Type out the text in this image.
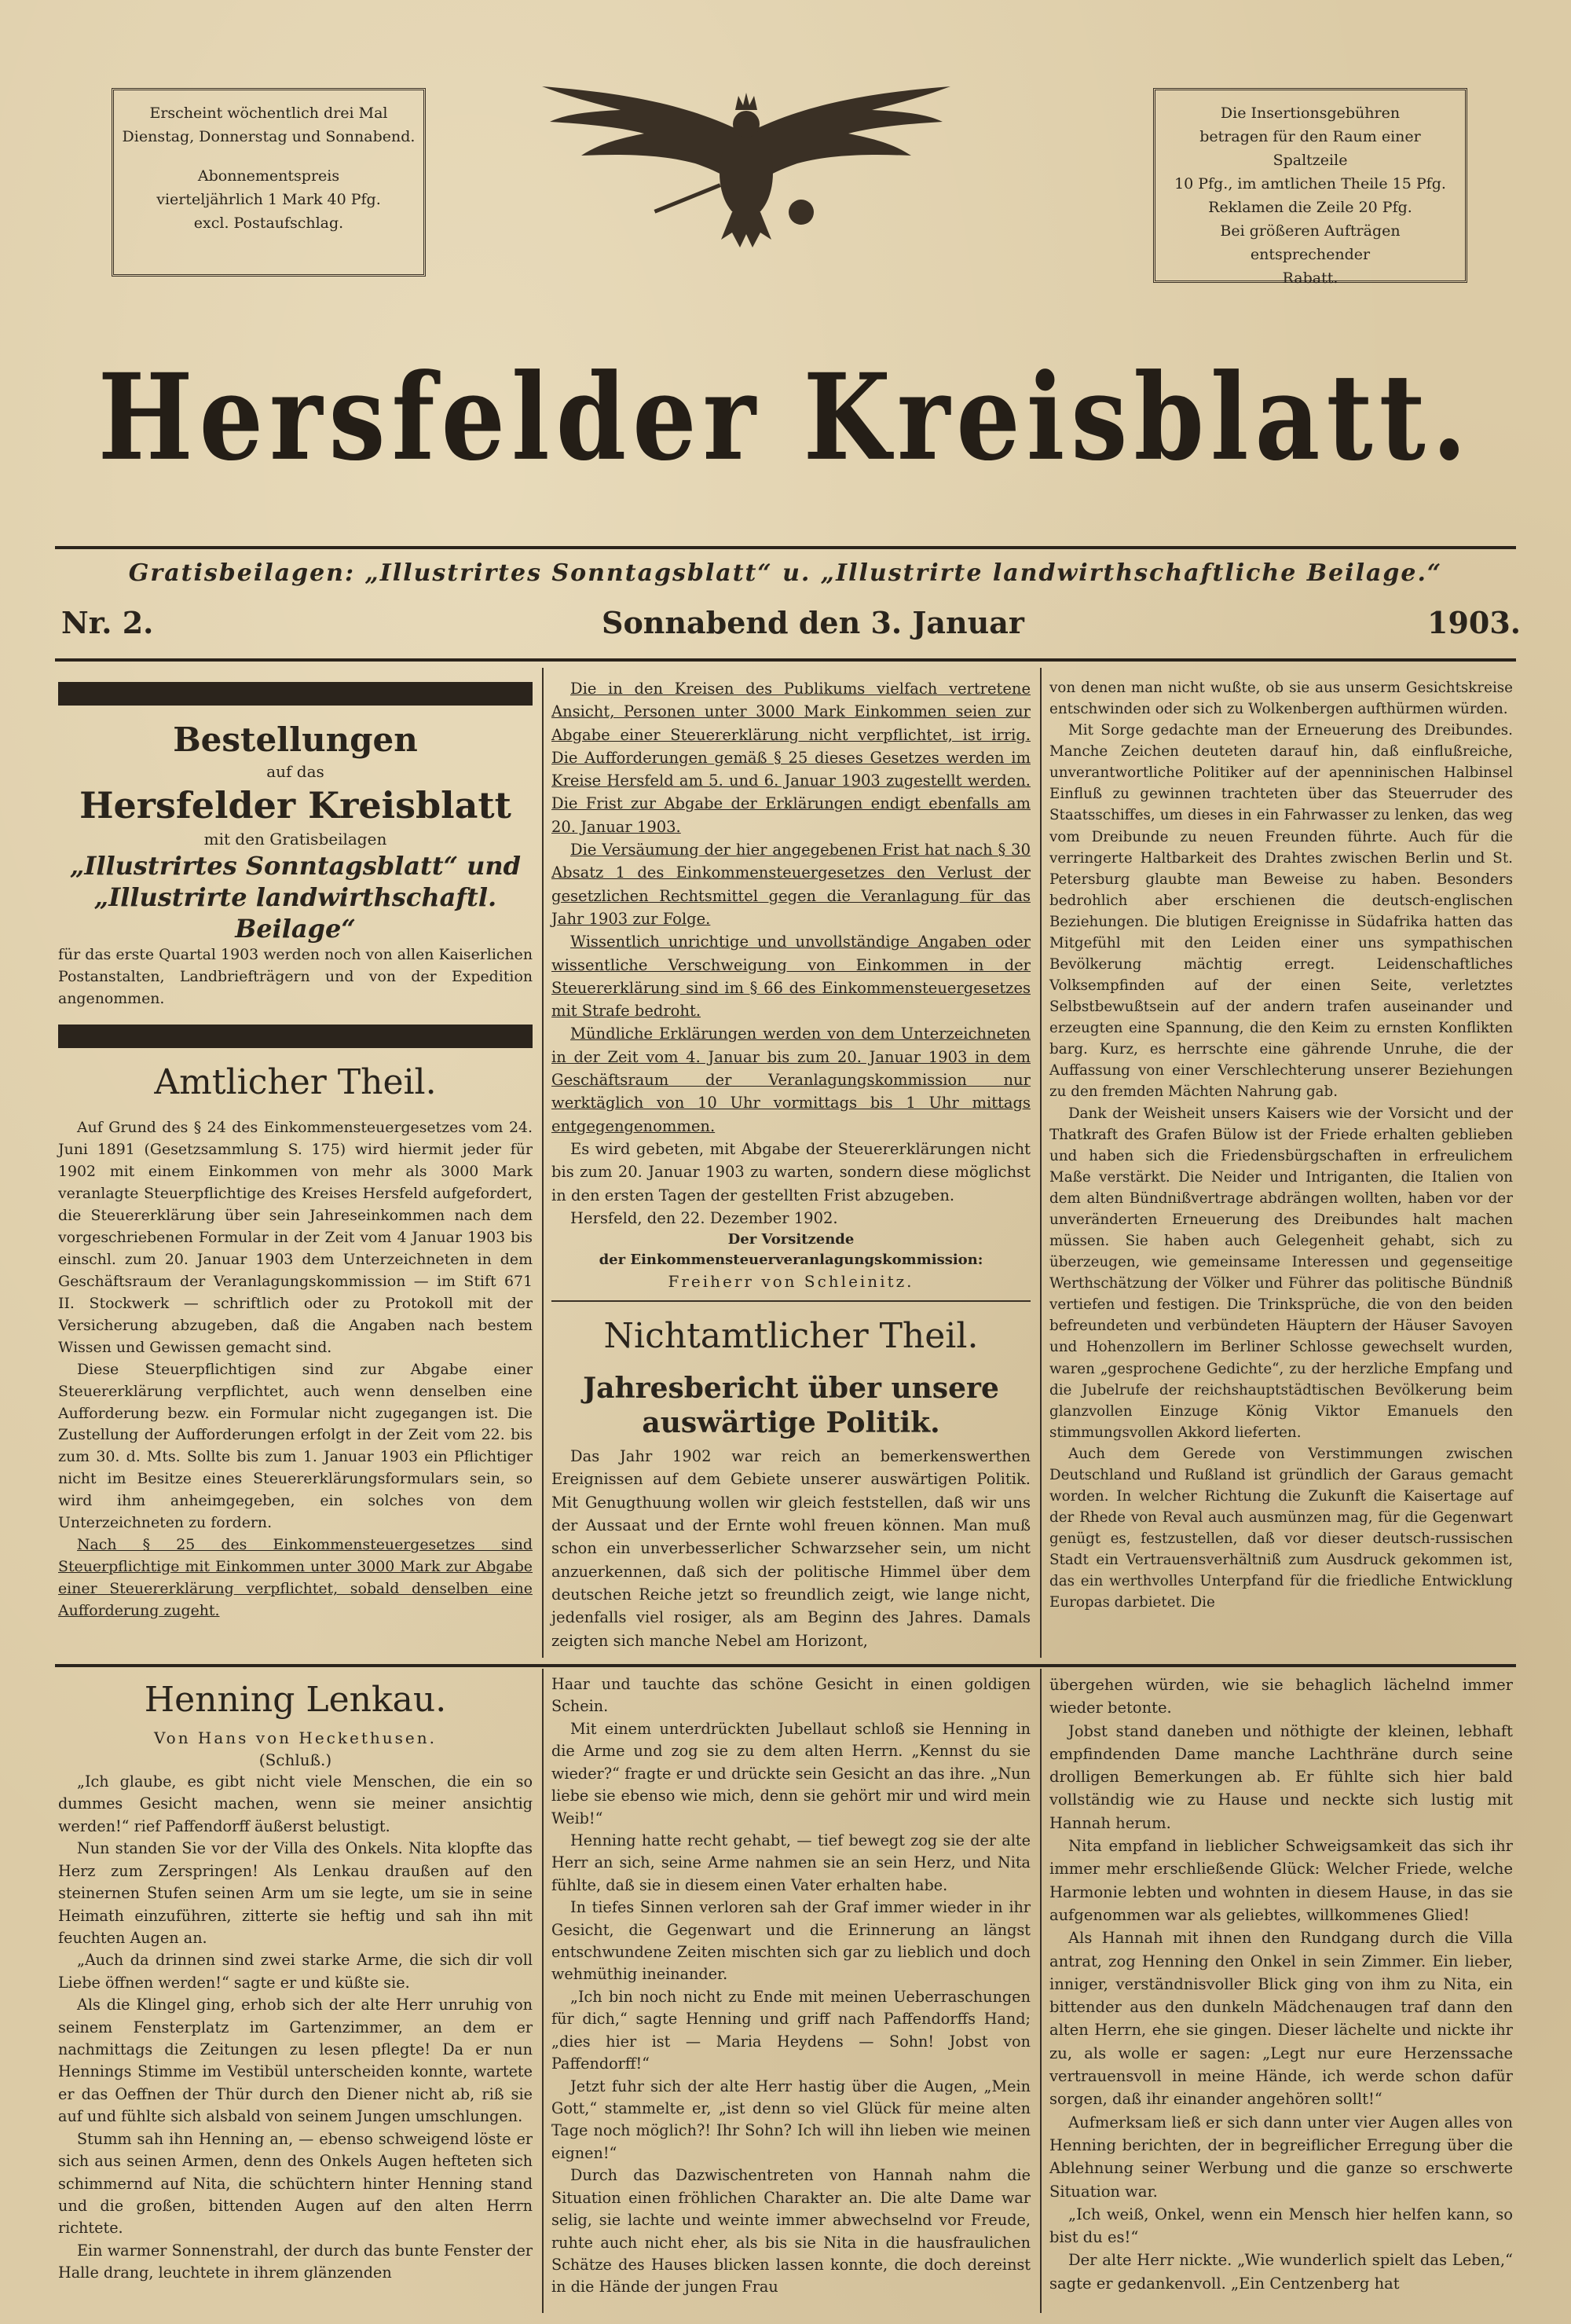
Erscheint wöchentlich drei Mal

Dienstag, Donnerstag und Sonnabend.

Abonnementspreis

vierteljährlich 1 Mark 40 Pfg.

excl. Postaufschlag.

Die Insertionsgebühren

betragen für den Raum einer Spaltzeile

10 Pfg., im amtlichen Theile 15 Pfg.

Reklamen die Zeile 20 Pfg.

Bei größeren Aufträgen entsprechender

Rabatt.

Hersfelder Kreisblatt.
Gratisbeilagen: „Illustrirtes Sonntagsblatt“ u. „Illustrirte landwirthschaftliche Beilage.“
Nr. 2.	Sonnabend den 3. Januar	1903.
Bestellungen
auf das
Hersfelder Kreisblatt
mit den Gratisbeilagen
„Illustrirtes Sonntagsblatt“ und
„Illustrirte landwirthschaftl. Beilage“

für das erste Quartal 1903 werden noch von allen Kaiserlichen Postanstalten, Landbriefträgern und von der Expedition angenommen.

Amtlicher Theil.

Auf Grund des § 24 des Einkommensteuergesetzes vom 24. Juni 1891 (Gesetzsammlung S. 175) wird hiermit jeder für 1902 mit einem Einkommen von mehr als 3000 Mark veranlagte Steuerpflichtige des Kreises Hersfeld aufgefordert, die Steuererklärung über sein Jahreseinkommen nach dem vorgeschriebenen Formular in der Zeit vom 4 Januar 1903 bis einschl. zum 20. Januar 1903 dem Unterzeichneten in dem Geschäftsraum der Veranlagungskommission — im Stift 671 II. Stockwerk — schriftlich oder zu Protokoll mit der Versicherung abzugeben, daß die Angaben nach bestem Wissen und Gewissen gemacht sind.

Diese Steuerpflichtigen sind zur Abgabe einer Steuererklärung verpflichtet, auch wenn denselben eine Aufforderung bezw. ein Formular nicht zugegangen ist. Die Zustellung der Aufforderungen erfolgt in der Zeit vom 22. bis zum 30. d. Mts. Sollte bis zum 1. Januar 1903 ein Pflichtiger nicht im Besitze eines Steuererklärungsformulars sein, so wird ihm anheimgegeben, ein solches von dem Unterzeichneten zu fordern.

Nach § 25 des Einkommensteuergesetzes sind Steuerpflichtige mit Einkommen unter 3000 Mark zur Abgabe einer Steuererklärung verpflichtet, sobald denselben eine Aufforderung zugeht.

Die in den Kreisen des Publikums vielfach vertretene Ansicht, Personen unter 3000 Mark Einkommen seien zur Abgabe einer Steuererklärung nicht verpflichtet, ist irrig. Die Aufforderungen gemäß § 25 dieses Gesetzes werden im Kreise Hersfeld am 5. und 6. Januar 1903 zugestellt werden. Die Frist zur Abgabe der Erklärungen endigt ebenfalls am 20. Januar 1903.

Die Versäumung der hier angegebenen Frist hat nach § 30 Absatz 1 des Einkommensteuergesetzes den Verlust der gesetzlichen Rechtsmittel gegen die Veranlagung für das Jahr 1903 zur Folge.

Wissentlich unrichtige und unvollständige Angaben oder wissentliche Verschweigung von Einkommen in der Steuererklärung sind im § 66 des Einkommensteuergesetzes mit Strafe bedroht.

Mündliche Erklärungen werden von dem Unterzeichneten in der Zeit vom 4. Januar bis zum 20. Januar 1903 in dem Geschäftsraum der Veranlagungskommission nur werktäglich von 10 Uhr vormittags bis 1 Uhr mittags entgegengenommen.

Es wird gebeten, mit Abgabe der Steuererklärungen nicht bis zum 20. Januar 1903 zu warten, sondern diese möglichst in den ersten Tagen der gestellten Frist abzugeben.

Hersfeld, den 22. Dezember 1902.

Der Vorsitzende
der Einkommensteuerveranlagungskommission:
Freiherr von Schleinitz.
Nichtamtlicher Theil.
Jahresbericht über unsere auswärtige Politik.

Das Jahr 1902 war reich an bemerkenswerthen Ereignissen auf dem Gebiete unserer auswärtigen Politik. Mit Genugthuung wollen wir gleich feststellen, daß wir uns der Aussaat und der Ernte wohl freuen können. Man muß schon ein unverbesserlicher Schwarzseher sein, um nicht anzuerkennen, daß sich der politische Himmel über dem deutschen Reiche jetzt so freundlich zeigt, wie lange nicht, jedenfalls viel rosiger, als am Beginn des Jahres. Damals zeigten sich manche Nebel am Horizont,

von denen man nicht wußte, ob sie aus unserm Gesichtskreise entschwinden oder sich zu Wolkenbergen aufthürmen würden.

Mit Sorge gedachte man der Erneuerung des Dreibundes. Manche Zeichen deuteten darauf hin, daß einflußreiche, unverantwortliche Politiker auf der apenninischen Halbinsel Einfluß zu gewinnen trachteten über das Steuerruder des Staatsschiffes, um dieses in ein Fahrwasser zu lenken, das weg vom Dreibunde zu neuen Freunden führte. Auch für die verringerte Haltbarkeit des Drahtes zwischen Berlin und St. Petersburg glaubte man Beweise zu haben. Besonders bedrohlich aber erschienen die deutsch-englischen Beziehungen. Die blutigen Ereignisse in Südafrika hatten das Mitgefühl mit den Leiden einer uns sympathischen Bevölkerung mächtig erregt. Leidenschaftliches Volksempfinden auf der einen Seite, verletztes Selbstbewußtsein auf der andern trafen auseinander und erzeugten eine Spannung, die den Keim zu ernsten Konflikten barg. Kurz, es herrschte eine gährende Unruhe, die der Auffassung von einer Verschlechterung unserer Beziehungen zu den fremden Mächten Nahrung gab.

Dank der Weisheit unsers Kaisers wie der Vorsicht und der Thatkraft des Grafen Bülow ist der Friede erhalten geblieben und haben sich die Friedensbürgschaften in erfreulichem Maße verstärkt. Die Neider und Intriganten, die Italien von dem alten Bündnißvertrage abdrängen wollten, haben vor der unveränderten Erneuerung des Dreibundes halt machen müssen. Sie haben auch Gelegenheit gehabt, sich zu überzeugen, wie gemeinsame Interessen und gegenseitige Werthschätzung der Völker und Führer das politische Bündniß vertiefen und festigen. Die Trinksprüche, die von den beiden befreundeten und verbündeten Häuptern der Häuser Savoyen und Hohenzollern im Berliner Schlosse gewechselt wurden, waren „gesprochene Gedichte“, zu der herzliche Empfang und die Jubelrufe der reichshauptstädtischen Bevölkerung beim glanzvollen Einzuge König Viktor Emanuels den stimmungsvollen Akkord lieferten.

Auch dem Gerede von Verstimmungen zwischen Deutschland und Rußland ist gründlich der Garaus gemacht worden. In welcher Richtung die Zukunft die Kaisertage auf der Rhede von Reval auch ausmünzen mag, für die Gegenwart genügt es, festzustellen, daß vor dieser deutsch-russischen Stadt ein Vertrauensverhältniß zum Ausdruck gekommen ist, das ein werthvolles Unterpfand für die friedliche Entwicklung Europas darbietet. Die

Henning Lenkau.
Von Hans von Heckethusen.
(Schluß.)

„Ich glaube, es gibt nicht viele Menschen, die ein so dummes Gesicht machen, wenn sie meiner ansichtig werden!“ rief Paffendorff äußerst belustigt.

Nun standen Sie vor der Villa des Onkels. Nita klopfte das Herz zum Zerspringen! Als Lenkau draußen auf den steinernen Stufen seinen Arm um sie legte, um sie in seine Heimath einzuführen, zitterte sie heftig und sah ihn mit feuchten Augen an.

„Auch da drinnen sind zwei starke Arme, die sich dir voll Liebe öffnen werden!“ sagte er und küßte sie.

Als die Klingel ging, erhob sich der alte Herr unruhig von seinem Fensterplatz im Gartenzimmer, an dem er nachmittags die Zeitungen zu lesen pflegte! Da er nun Hennings Stimme im Vestibül unterscheiden konnte, wartete er das Oeffnen der Thür durch den Diener nicht ab, riß sie auf und fühlte sich alsbald von seinem Jungen umschlungen.

Stumm sah ihn Henning an, — ebenso schweigend löste er sich aus seinen Armen, denn des Onkels Augen hefteten sich schimmernd auf Nita, die schüchtern hinter Henning stand und die großen, bittenden Augen auf den alten Herrn richtete.

Ein warmer Sonnenstrahl, der durch das bunte Fenster der Halle drang, leuchtete in ihrem glänzenden

Haar und tauchte das schöne Gesicht in einen goldigen Schein.

Mit einem unterdrückten Jubellaut schloß sie Henning in die Arme und zog sie zu dem alten Herrn. „Kennst du sie wieder?“ fragte er und drückte sein Gesicht an das ihre. „Nun liebe sie ebenso wie mich, denn sie gehört mir und wird mein Weib!“

Henning hatte recht gehabt, — tief bewegt zog sie der alte Herr an sich, seine Arme nahmen sie an sein Herz, und Nita fühlte, daß sie in diesem einen Vater erhalten habe.

In tiefes Sinnen verloren sah der Graf immer wieder in ihr Gesicht, die Gegenwart und die Erinnerung an längst entschwundene Zeiten mischten sich gar zu lieblich und doch wehmüthig ineinander.

„Ich bin noch nicht zu Ende mit meinen Ueberraschungen für dich,“ sagte Henning und griff nach Paffendorffs Hand; „dies hier ist — Maria Heydens — Sohn! Jobst von Paffendorff!“

Jetzt fuhr sich der alte Herr hastig über die Augen, „Mein Gott,“ stammelte er, „ist denn so viel Glück für meine alten Tage noch möglich?! Ihr Sohn? Ich will ihn lieben wie meinen eignen!“

Durch das Dazwischentreten von Hannah nahm die Situation einen fröhlichen Charakter an. Die alte Dame war selig, sie lachte und weinte immer abwechselnd vor Freude, ruhte auch nicht eher, als bis sie Nita in die hausfraulichen Schätze des Hauses blicken lassen konnte, die doch dereinst in die Hände der jungen Frau

übergehen würden, wie sie behaglich lächelnd immer wieder betonte.

Jobst stand daneben und nöthigte der kleinen, lebhaft empfindenden Dame manche Lachthräne durch seine drolligen Bemerkungen ab. Er fühlte sich hier bald vollständig wie zu Hause und neckte sich lustig mit Hannah herum.

Nita empfand in lieblicher Schweigsamkeit das sich ihr immer mehr erschließende Glück: Welcher Friede, welche Harmonie lebten und wohnten in diesem Hause, in das sie aufgenommen war als geliebtes, willkommenes Glied!

Als Hannah mit ihnen den Rundgang durch die Villa antrat, zog Henning den Onkel in sein Zimmer. Ein lieber, inniger, verständnisvoller Blick ging von ihm zu Nita, ein bittender aus den dunkeln Mädchenaugen traf dann den alten Herrn, ehe sie gingen. Dieser lächelte und nickte ihr zu, als wolle er sagen: „Legt nur eure Herzenssache vertrauensvoll in meine Hände, ich werde schon dafür sorgen, daß ihr einander angehören sollt!“

Aufmerksam ließ er sich dann unter vier Augen alles von Henning berichten, der in begreiflicher Erregung über die Ablehnung seiner Werbung und die ganze so erschwerte Situation war.

„Ich weiß, Onkel, wenn ein Mensch hier helfen kann, so bist du es!“

Der alte Herr nickte. „Wie wunderlich spielt das Leben,“ sagte er gedankenvoll. „Ein Centzenberg hat
